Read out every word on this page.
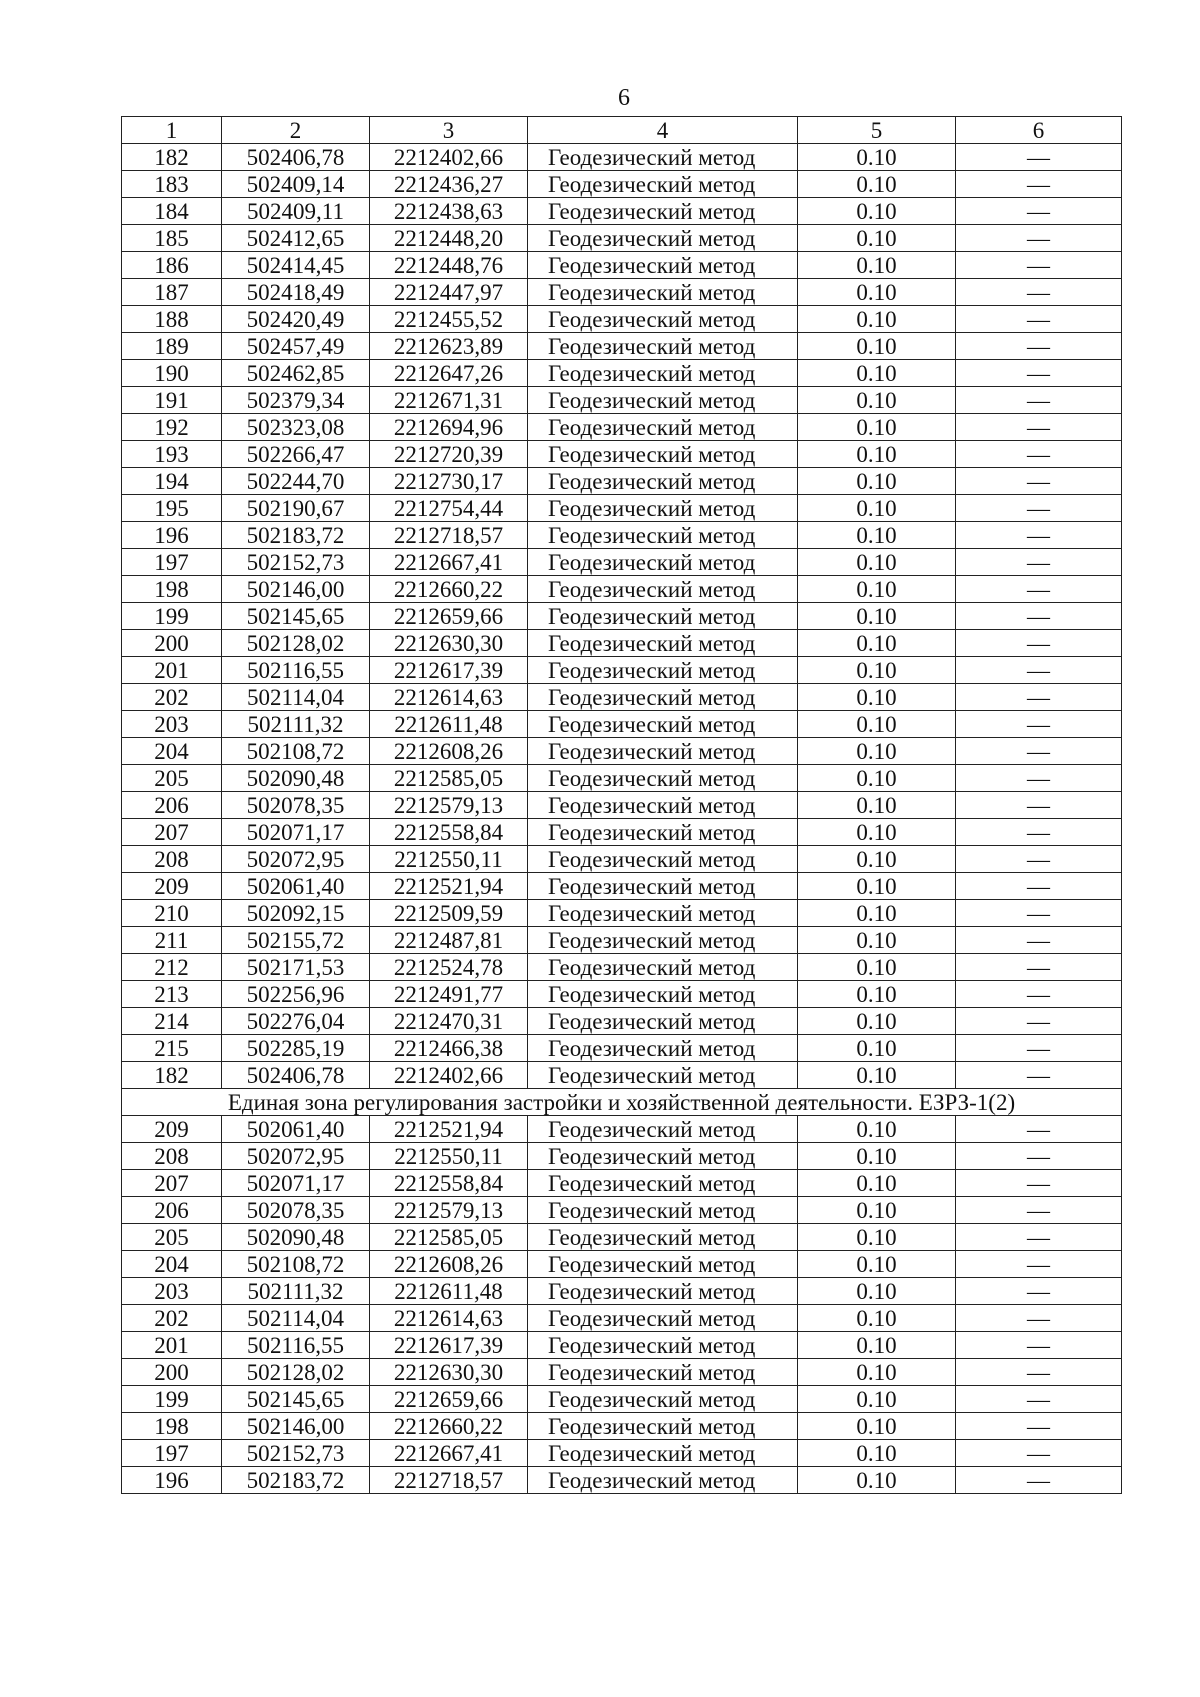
6
1	2	3	4	5	6
182	502406,78	2212402,66	Геодезический метод	0.10	—
183	502409,14	2212436,27	Геодезический метод	0.10	—
184	502409,11	2212438,63	Геодезический метод	0.10	—
185	502412,65	2212448,20	Геодезический метод	0.10	—
186	502414,45	2212448,76	Геодезический метод	0.10	—
187	502418,49	2212447,97	Геодезический метод	0.10	—
188	502420,49	2212455,52	Геодезический метод	0.10	—
189	502457,49	2212623,89	Геодезический метод	0.10	—
190	502462,85	2212647,26	Геодезический метод	0.10	—
191	502379,34	2212671,31	Геодезический метод	0.10	—
192	502323,08	2212694,96	Геодезический метод	0.10	—
193	502266,47	2212720,39	Геодезический метод	0.10	—
194	502244,70	2212730,17	Геодезический метод	0.10	—
195	502190,67	2212754,44	Геодезический метод	0.10	—
196	502183,72	2212718,57	Геодезический метод	0.10	—
197	502152,73	2212667,41	Геодезический метод	0.10	—
198	502146,00	2212660,22	Геодезический метод	0.10	—
199	502145,65	2212659,66	Геодезический метод	0.10	—
200	502128,02	2212630,30	Геодезический метод	0.10	—
201	502116,55	2212617,39	Геодезический метод	0.10	—
202	502114,04	2212614,63	Геодезический метод	0.10	—
203	502111,32	2212611,48	Геодезический метод	0.10	—
204	502108,72	2212608,26	Геодезический метод	0.10	—
205	502090,48	2212585,05	Геодезический метод	0.10	—
206	502078,35	2212579,13	Геодезический метод	0.10	—
207	502071,17	2212558,84	Геодезический метод	0.10	—
208	502072,95	2212550,11	Геодезический метод	0.10	—
209	502061,40	2212521,94	Геодезический метод	0.10	—
210	502092,15	2212509,59	Геодезический метод	0.10	—
211	502155,72	2212487,81	Геодезический метод	0.10	—
212	502171,53	2212524,78	Геодезический метод	0.10	—
213	502256,96	2212491,77	Геодезический метод	0.10	—
214	502276,04	2212470,31	Геодезический метод	0.10	—
215	502285,19	2212466,38	Геодезический метод	0.10	—
182	502406,78	2212402,66	Геодезический метод	0.10	—
Единая зона регулирования застройки и хозяйственной деятельности. ЕЗРЗ-1(2)					
209	502061,40	2212521,94	Геодезический метод	0.10	—
208	502072,95	2212550,11	Геодезический метод	0.10	—
207	502071,17	2212558,84	Геодезический метод	0.10	—
206	502078,35	2212579,13	Геодезический метод	0.10	—
205	502090,48	2212585,05	Геодезический метод	0.10	—
204	502108,72	2212608,26	Геодезический метод	0.10	—
203	502111,32	2212611,48	Геодезический метод	0.10	—
202	502114,04	2212614,63	Геодезический метод	0.10	—
201	502116,55	2212617,39	Геодезический метод	0.10	—
200	502128,02	2212630,30	Геодезический метод	0.10	—
199	502145,65	2212659,66	Геодезический метод	0.10	—
198	502146,00	2212660,22	Геодезический метод	0.10	—
197	502152,73	2212667,41	Геодезический метод	0.10	—
196	502183,72	2212718,57	Геодезический метод	0.10	—
